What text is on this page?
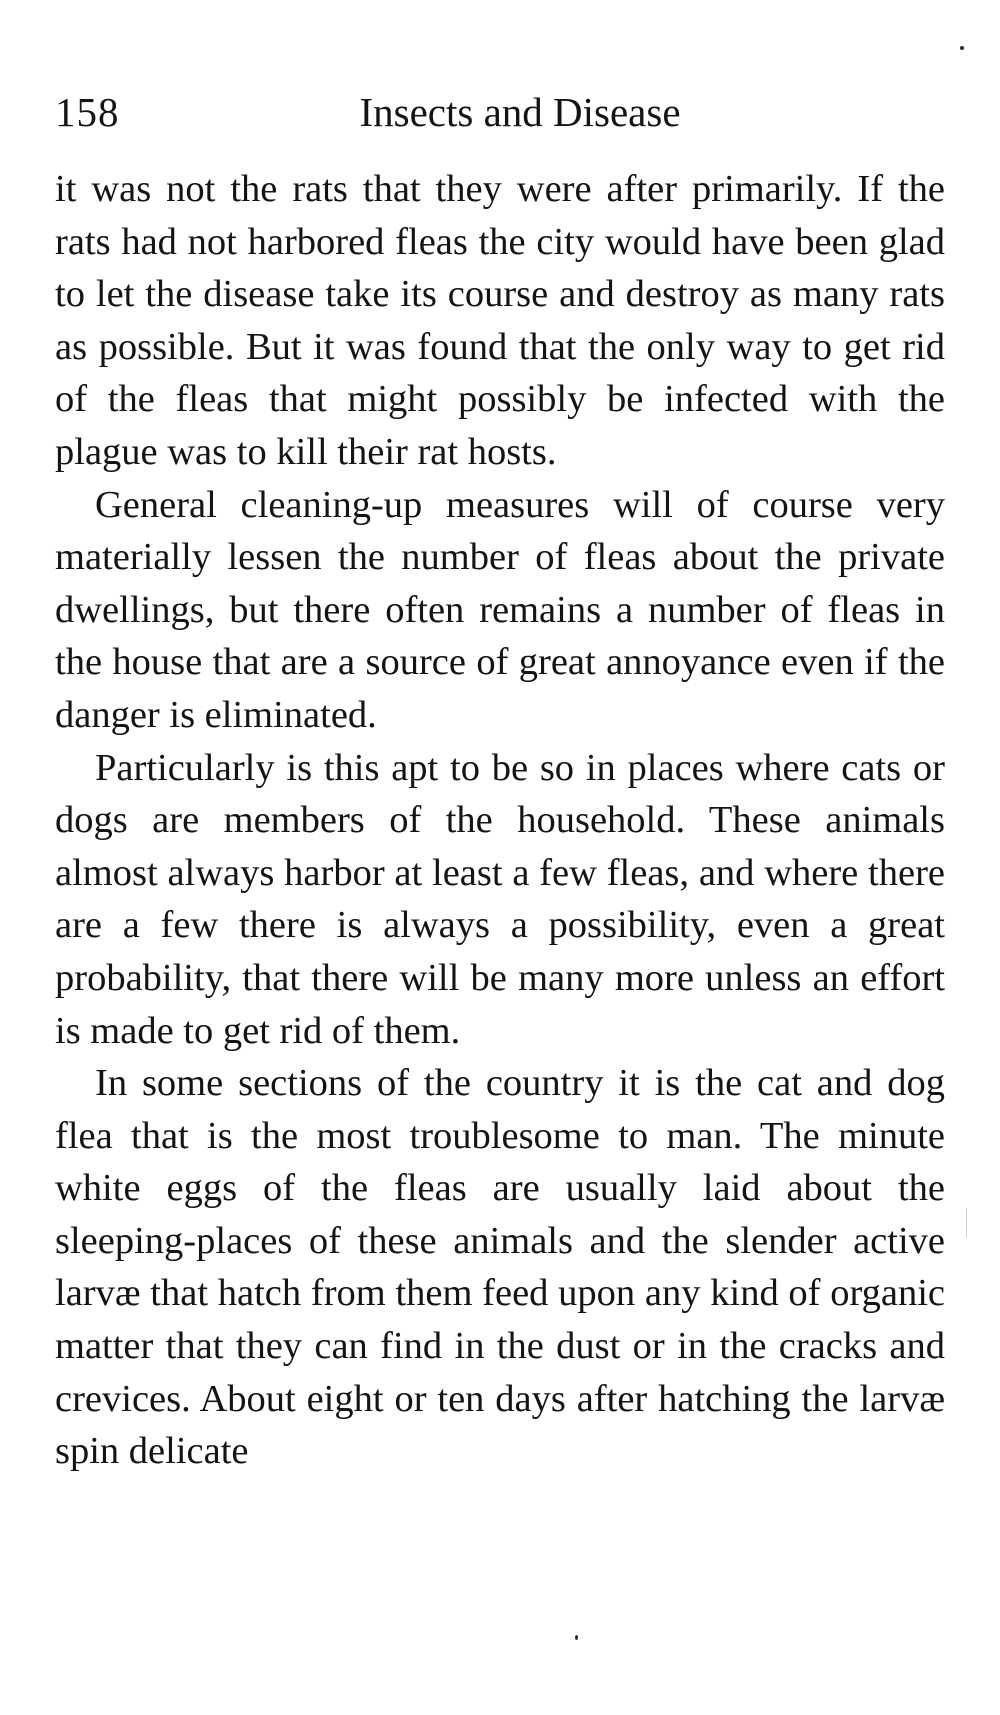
158	Insects and Disease

it was not the rats that they were after primarily. If the rats had not harbored fleas the city would have been glad to let the disease take its course and destroy as many rats as possible. But it was found that the only way to get rid of the fleas that might possibly be infected with the plague was to kill their rat hosts.

General cleaning-up measures will of course very materially lessen the number of fleas about the private dwellings, but there often remains a number of fleas in the house that are a source of great annoyance even if the danger is eliminated.

Particularly is this apt to be so in places where cats or dogs are members of the household. These animals almost always harbor at least a few fleas, and where there are a few there is always a possibility, even a great probability, that there will be many more unless an effort is made to get rid of them.

In some sections of the country it is the cat and dog flea that is the most troublesome to man. The minute white eggs of the fleas are usually laid about the sleeping-places of these animals and the slender active larvæ that hatch from them feed upon any kind of organic matter that they can find in the dust or in the cracks and crevices. About eight or ten days after hatching the larvæ spin delicate
